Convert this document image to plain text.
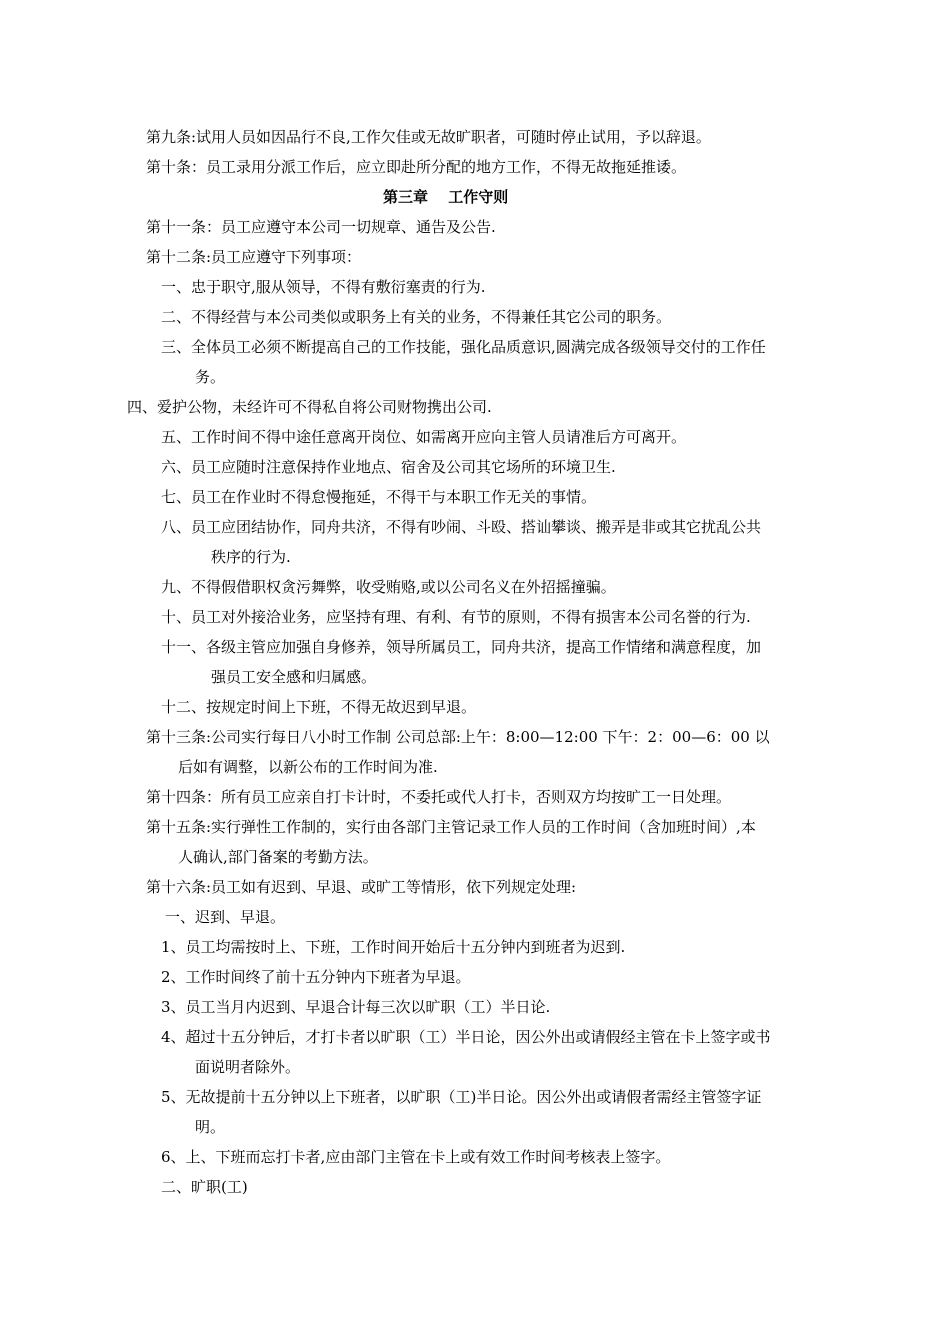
第九条:试用人员如因品行不良,工作欠佳或无故旷职者，可随时停止试用，予以辞退。
第十条：员工录用分派工作后，应立即赴所分配的地方工作，不得无故拖延推诿。
第三章　 工作守则
第十一条：员工应遵守本公司一切规章、通告及公告.
第十二条:员工应遵守下列事项：
一、忠于职守,服从领导，不得有敷衍塞责的行为.
二、不得经营与本公司类似或职务上有关的业务，不得兼任其它公司的职务。
三、全体员工必须不断提高自己的工作技能，强化品质意识,圆满完成各级领导交付的工作任
务。
四、爱护公物，未经许可不得私自将公司财物携出公司.
五、工作时间不得中途任意离开岗位、如需离开应向主管人员请准后方可离开。
六、员工应随时注意保持作业地点、宿舍及公司其它场所的环境卫生.
七、员工在作业时不得怠慢拖延，不得干与本职工作无关的事情。
八、员工应团结协作，同舟共济，不得有吵闹、斗殴、搭讪攀谈、搬弄是非或其它扰乱公共
秩序的行为.
九、不得假借职权贪污舞弊，收受贿赂,或以公司名义在外招摇撞骗。
十、员工对外接洽业务，应坚持有理、有利、有节的原则，不得有损害本公司名誉的行为.
十一、各级主管应加强自身修养，领导所属员工，同舟共济，提高工作情绪和满意程度，加
强员工安全感和归属感。
十二、按规定时间上下班，不得无故迟到早退。
第十三条:公司实行每日八小时工作制 公司总部:上午：8:00—12:00 下午：2：00—6：00 以
后如有调整，以新公布的工作时间为准.
第十四条：所有员工应亲自打卡计时，不委托或代人打卡，否则双方均按旷工一日处理。
第十五条:实行弹性工作制的，实行由各部门主管记录工作人员的工作时间（含加班时间）,本
人确认,部门备案的考勤方法。
第十六条:员工如有迟到、早退、或旷工等情形，依下列规定处理:
一、迟到、早退。
1、员工均需按时上、下班，工作时间开始后十五分钟内到班者为迟到.
2、工作时间终了前十五分钟内下班者为早退。
3、员工当月内迟到、早退合计每三次以旷职（工）半日论.
4、超过十五分钟后，才打卡者以旷职（工）半日论，因公外出或请假经主管在卡上签字或书
面说明者除外。
5、无故提前十五分钟以上下班者，以旷职（工)半日论。因公外出或请假者需经主管签字证
明。
6、上、下班而忘打卡者,应由部门主管在卡上或有效工作时间考核表上签字。
二、旷职(工)
